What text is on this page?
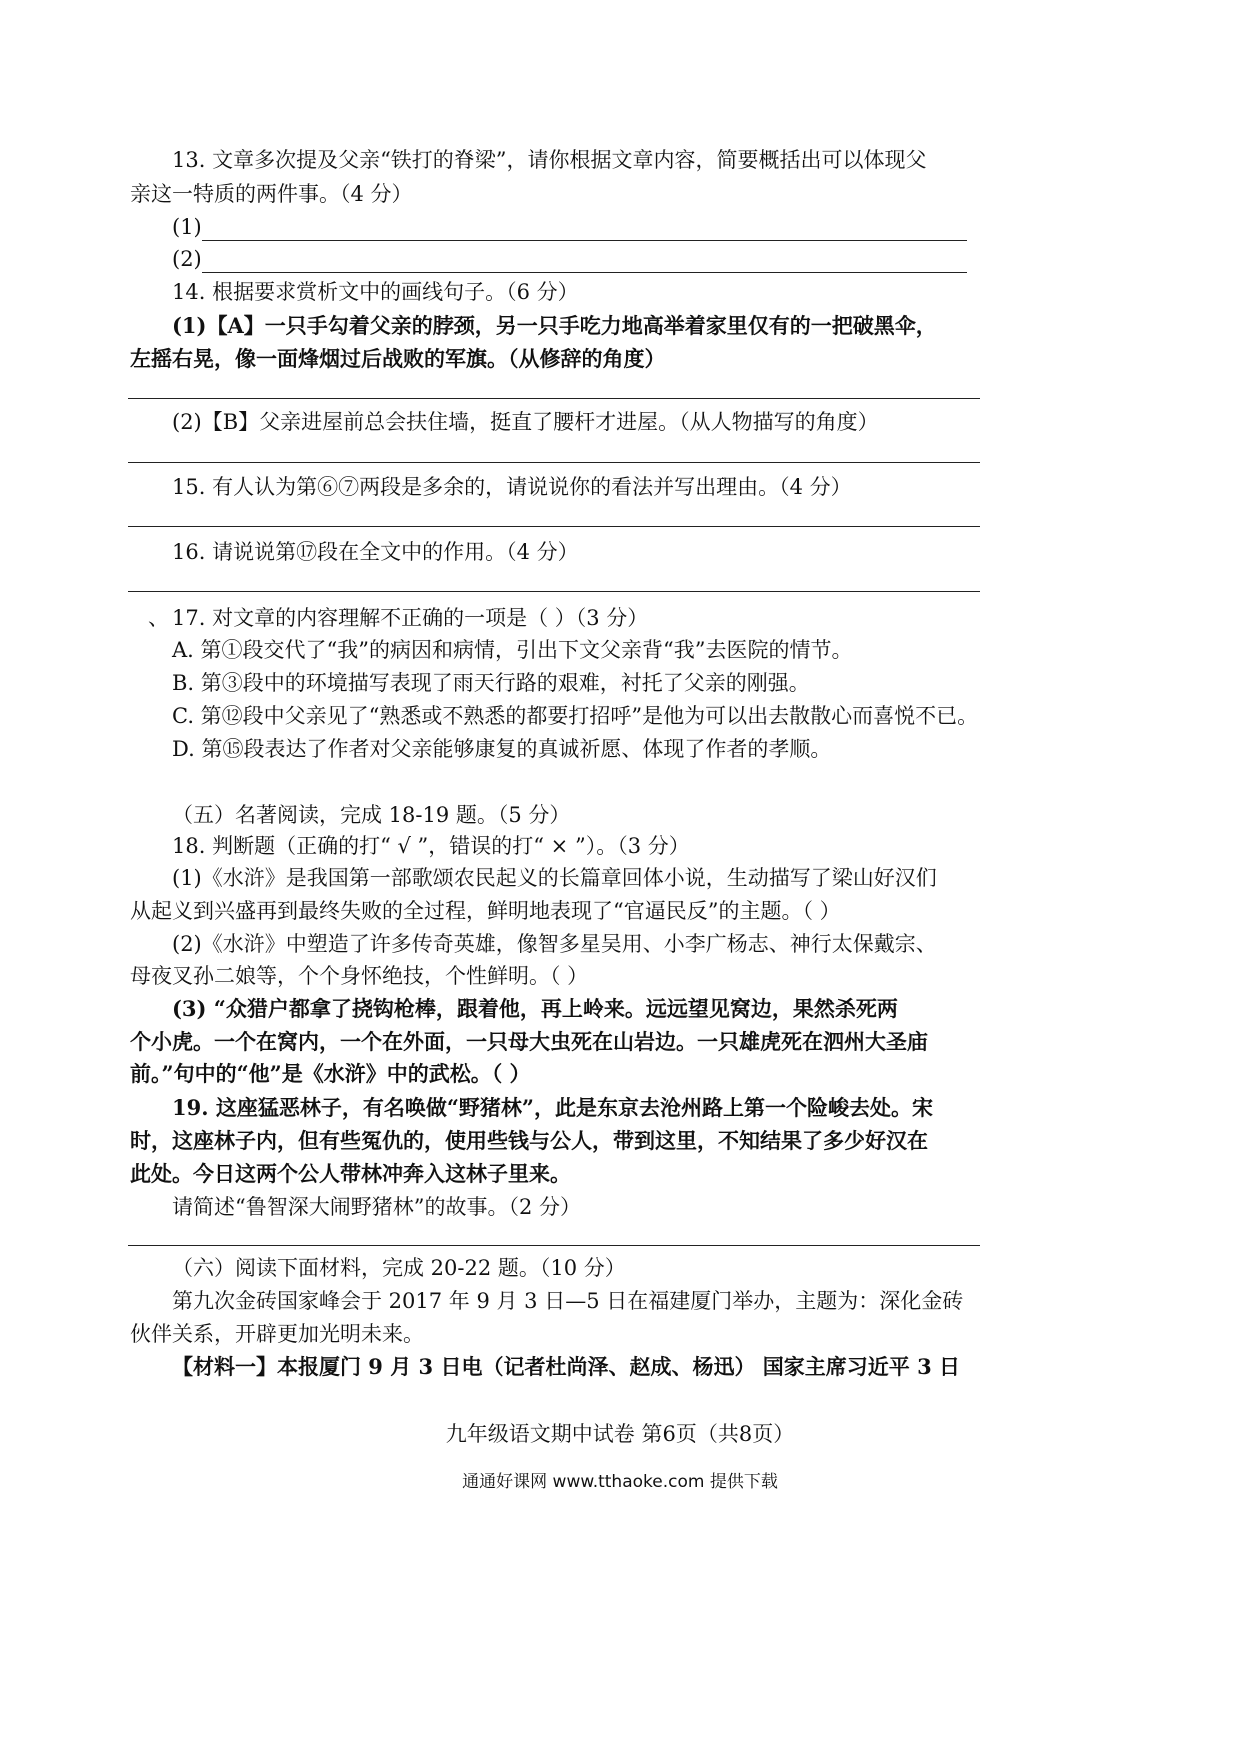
13. 文章多次提及父亲“铁打的脊梁”，请你根据文章内容，简要概括出可以体现父
亲这一特质的两件事。（4 分）
(1)
(2)
14. 根据要求赏析文中的画线句子。（6 分）
(1)【A】一只手勾着父亲的脖颈，另一只手吃力地高举着家里仅有的一把破黑伞，
左摇右晃，像一面烽烟过后战败的军旗。（从修辞的角度）
(2)【B】父亲进屋前总会扶住墙，挺直了腰杆才进屋。（从人物描写的角度）
15. 有人认为第⑥⑦两段是多余的，请说说你的看法并写出理由。（4 分）
16. 请说说第⑰段在全文中的作用。（4 分）
、 17. 对文章的内容理解不正确的一项是（ ）（3 分）
A. 第①段交代了“我”的病因和病情，引出下文父亲背“我”去医院的情节。
B. 第③段中的环境描写表现了雨天行路的艰难，衬托了父亲的刚强。
C. 第⑫段中父亲见了“熟悉或不熟悉的都要打招呼”是他为可以出去散散心而喜悦不已。
D. 第⑮段表达了作者对父亲能够康复的真诚祈愿、体现了作者的孝顺。
（五）名著阅读，完成 18-19 题。（5 分）
18. 判断题（正确的打“ √ ”，错误的打“ × ”）。（3 分）
(1)《水浒》是我国第一部歌颂农民起义的长篇章回体小说，生动描写了梁山好汉们
从起义到兴盛再到最终失败的全过程，鲜明地表现了“官逼民反”的主题。（ ）
(2)《水浒》中塑造了许多传奇英雄，像智多星吴用、小李广杨志、神行太保戴宗、
母夜叉孙二娘等，个个身怀绝技，个性鲜明。（ ）
(3) “众猎户都拿了挠钩枪棒，跟着他，再上岭来。远远望见窝边，果然杀死两
个小虎。一个在窝内，一个在外面，一只母大虫死在山岩边。一只雄虎死在泗州大圣庙
前。”句中的“他”是《水浒》中的武松。（ ）
19. 这座猛恶林子，有名唤做“野猪林”，此是东京去沧州路上第一个险峻去处。宋
时，这座林子内，但有些冤仇的，使用些钱与公人，带到这里，不知结果了多少好汉在
此处。今日这两个公人带林冲奔入这林子里来。
请简述“鲁智深大闹野猪林”的故事。（2 分）
（六）阅读下面材料，完成 20-22 题。（10 分）
第九次金砖国家峰会于 2017 年 9 月 3 日—5 日在福建厦门举办，主题为：深化金砖
伙伴关系，开辟更加光明未来。
【材料一】本报厦门 9 月 3 日电（记者杜尚泽、赵成、杨迅） 国家主席习近平 3 日
九年级语文期中试卷 第6页（共8页）
通通好课网 www.tthaoke.com 提供下载
